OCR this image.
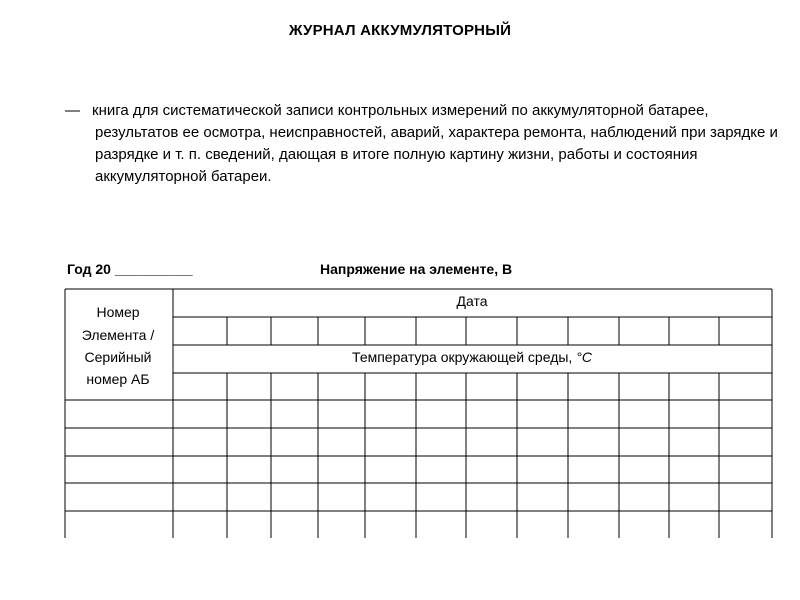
ЖУРНАЛ АККУМУЛЯТОРНЫЙ
— книга для систематической записи контрольных измерений по аккумуляторной батарее, результатов ее осмотра, неисправностей, аварий, характера ремонта, наблюдений при зарядке и разрядке и т. п. сведений, дающая в итоге полную картину жизни, работы и состояния аккумуляторной батареи.
Год 20 __________	Напряжение на элементе, В
Номер
Элемента /
Серийный
номер АБ
Дата
Температура окружающей среды, °C
